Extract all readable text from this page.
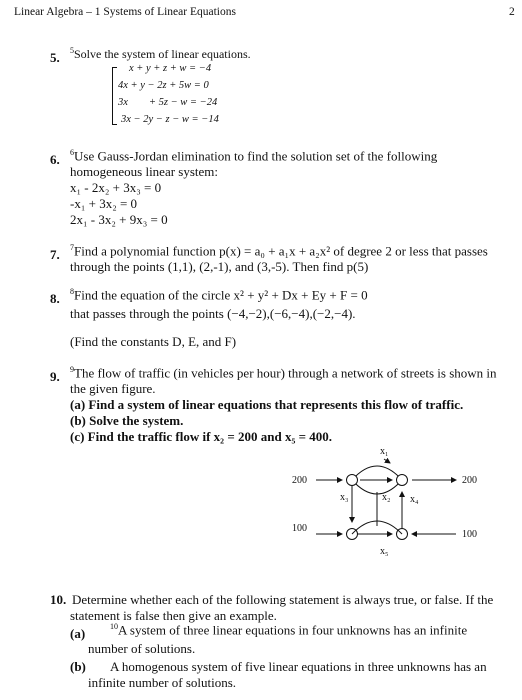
Linear Algebra – 1 Systems of Linear Equations	2
5. $^5$Solve the system of linear equations.
x + y + z + w = −4
4x + y − 2z + 5w = 0
3x        + 5z − w = −24
3x − 2y − z − w = −14
6. $^6$Use Gauss-Jordan elimination to find the solution set of the following
homogeneous linear system:
x₁ - 2x₂ + 3x₃ = 0
-x₁ + 3x₂ = 0
2x₁ - 3x₂ + 9x₃ = 0
7. $^7$Find a polynomial function p(x) = a₀ + a₁x + a₂x² of degree 2 or less that passes
through the points (1,1), (2,-1), and (3,-5). Then find p(5)
8. $^8$Find the equation of the circle x² + y² + Dx + Ey + F = 0
that passes through the points (−4,−2),(−6,−4),(−2,−4).
(Find the constants D, E, and F)
9. $^9$The flow of traffic (in vehicles per hour) through a network of streets is shown in
the given figure.
(a) Find a system of linear equations that represents this flow of traffic.
(b) Solve the system.
(c) Find the traffic flow if x₂ = 200 and x₅ = 400.
200	200
100
100
x₁
x₂
x₃	x₄
x₅
10. Determine whether each of the following statement is always true, or false. If the
statement is false then give an example.
(a)	$^{10}$A system of three linear equations in four unknowns has an infinite
number of solutions.
(b) A homogenous system of five linear equations in three unknowns has an
infinite number of solutions.
